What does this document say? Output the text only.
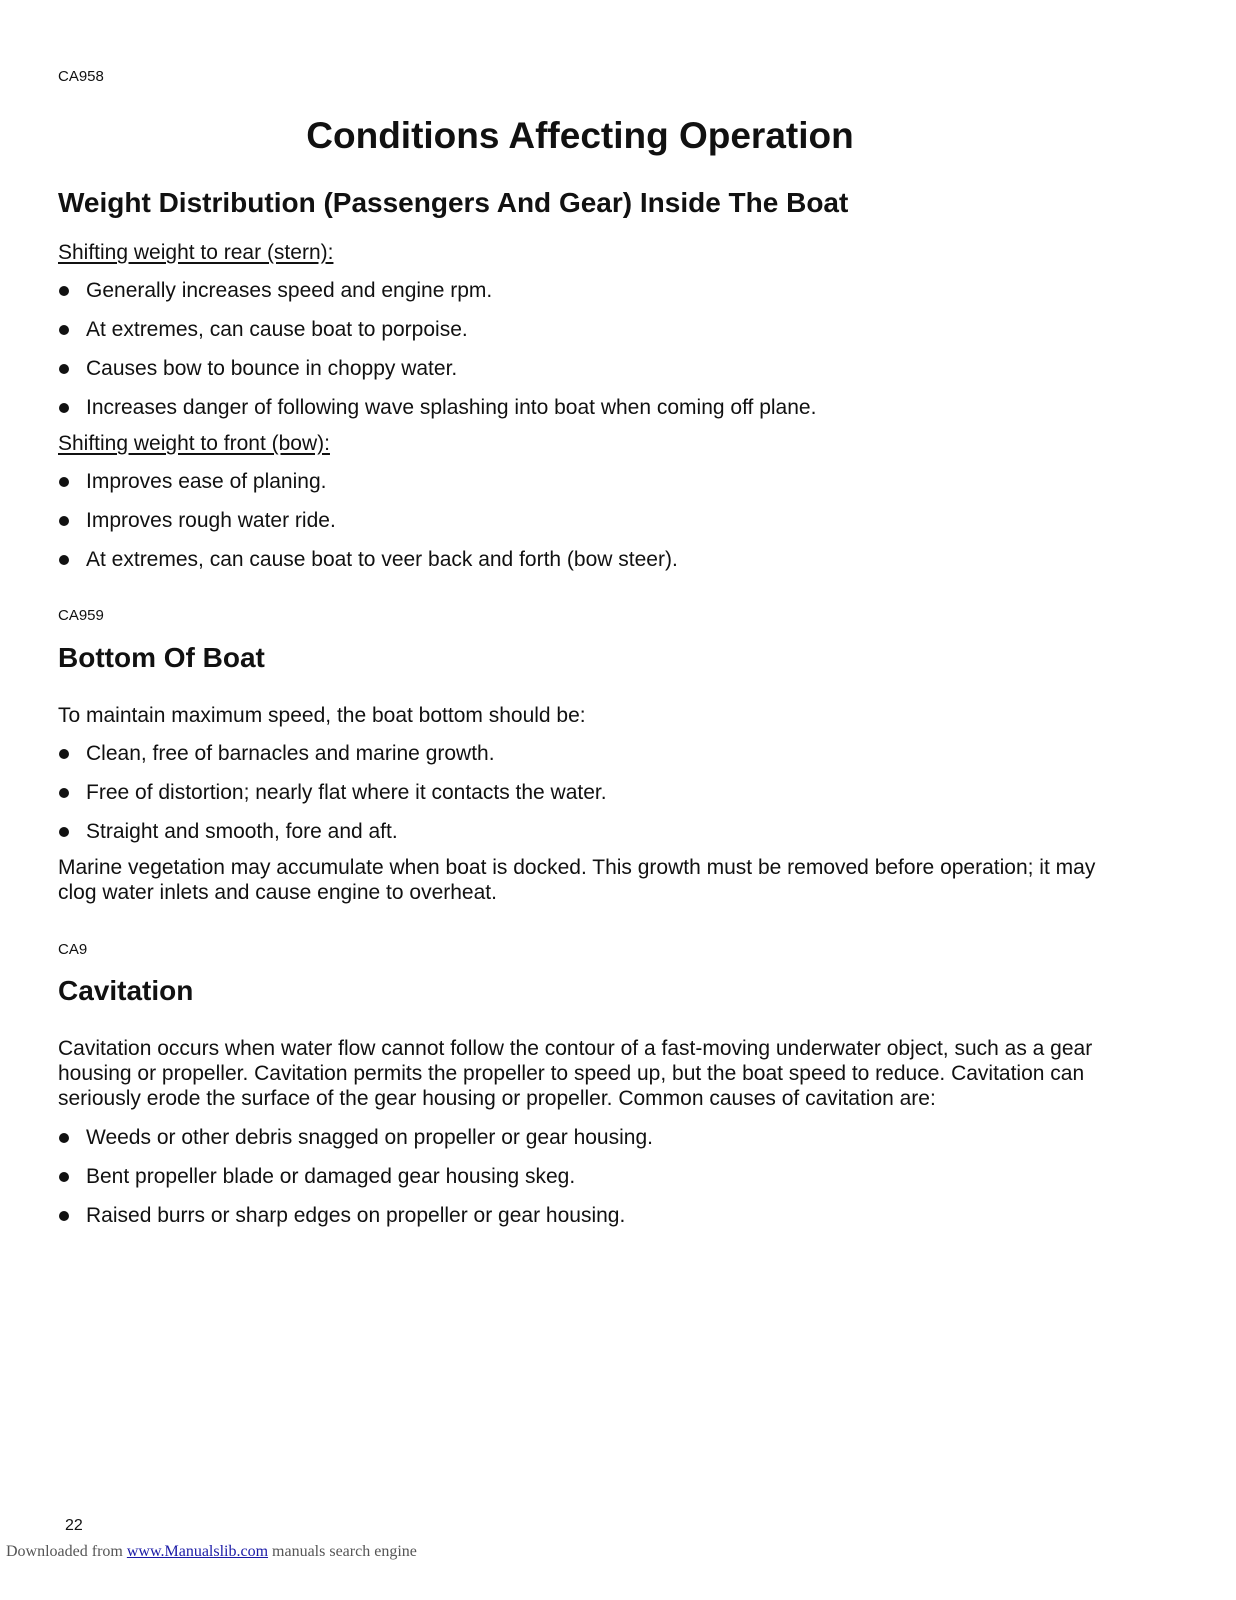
CA958
Conditions Affecting Operation
Weight Distribution (Passengers And Gear) Inside The Boat
Shifting weight to rear (stern):
Generally increases speed and engine rpm.
At extremes, can cause boat to porpoise.
Causes bow to bounce in choppy water.
Increases danger of following wave splashing into boat when coming off plane.
Shifting weight to front (bow):
Improves ease of planing.
Improves rough water ride.
At extremes, can cause boat to veer back and forth (bow steer).
CA959
Bottom Of Boat
To maintain maximum speed, the boat bottom should be:
Clean, free of barnacles and marine growth.
Free of distortion; nearly flat where it contacts the water.
Straight and smooth, fore and aft.
Marine vegetation may accumulate when boat is docked. This growth must be removed before operation; it may clog water inlets and cause engine to overheat.
CA9
Cavitation
Cavitation occurs when water flow cannot follow the contour of a fast-moving underwater object, such as a gear housing or propeller. Cavitation permits the propeller to speed up, but the boat speed to reduce. Cavitation can seriously erode the surface of the gear housing or propeller. Common causes of cavitation are:
Weeds or other debris snagged on propeller or gear housing.
Bent propeller blade or damaged gear housing skeg.
Raised burrs or sharp edges on propeller or gear housing.
22
Downloaded from www.Manualslib.com manuals search engine
